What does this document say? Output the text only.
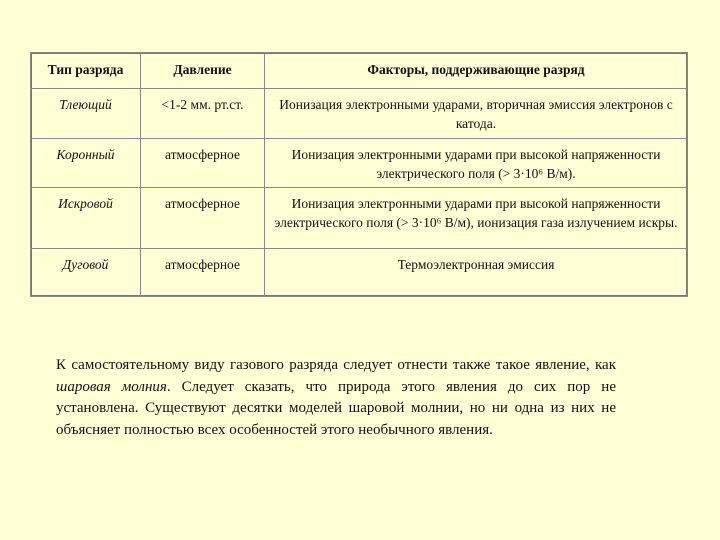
Тип разряда	Давление	Факторы, поддерживающие разряд
Тлеющий	<1-2 мм. рт.ст.	Ионизация электронными ударами, вторичная эмиссия электронов с катода.
Коронный	атмосферное	Ионизация электронными ударами при высокой напряженности электрического поля (> 3·10⁶ В/м).
Искровой	атмосферное	Ионизация электронными ударами при высокой напряженности электрического поля (> 3·10⁶ В/м), ионизация газа излучением искры.
Дуговой	атмосферное	Термоэлектронная эмиссия

К самостоятельному виду газового разряда следует отнести также такое явление, как шаровая молния. Следует сказать, что природа этого явления до сих пор не установлена. Существуют десятки моделей шаровой молнии, но ни одна из них не объясняет полностью всех особенностей этого необычного явления.
